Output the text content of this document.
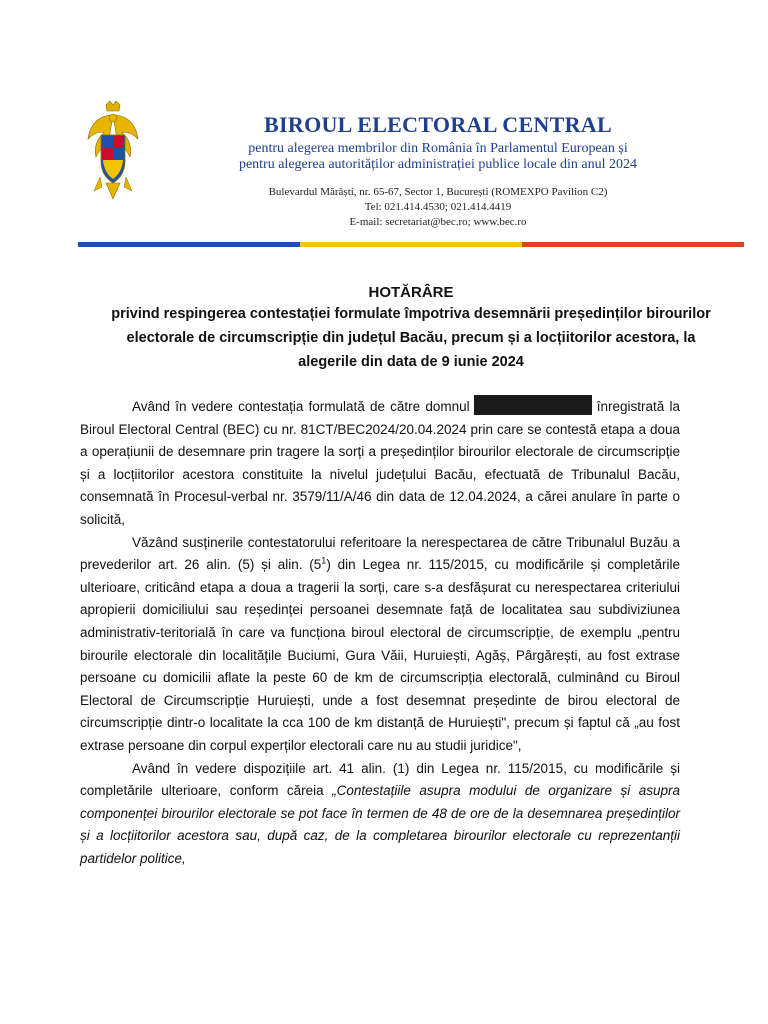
BIROUL ELECTORAL CENTRAL
pentru alegerea membrilor din România în Parlamentul European și
pentru alegerea autorităților administrației publice locale din anul 2024
Bulevardul Mărăști, nr. 65-67, Sector 1, București (ROMEXPO Pavilion C2)
Tel: 021.414.4530; 021.414.4419
E-mail: secretariat@bec.ro; www.bec.ro
HOTĂRÂRE
privind respingerea contestației formulate împotriva desemnării președinților birourilor electorale de circumscripție din județul Bacău, precum și a locțiitorilor acestora, la alegerile din data de 9 iunie 2024

Având în vedere contestația formulată de către domnul	înregistrată la Biroul Electoral Central (BEC) cu nr. 81CT/BEC2024/20.04.2024 prin care se contestă etapa a doua a operațiunii de desemnare prin tragere la sorți a președinților birourilor electorale de circumscripție și a locțiitorilor acestora constituite la nivelul județului Bacău, efectuată de Tribunalul Bacău, consemnată în Procesul-verbal nr. 3579/11/A/46 din data de 12.04.2024, a cărei anulare în parte o solicită,

Văzând susținerile contestatorului referitoare la nerespectarea de către Tribunalul Buzău a prevederilor art. 26 alin. (5) și alin. $(5^1)$ din Legea nr. 115/2015, cu modificările și completările ulterioare, criticând etapa a doua a tragerii la sorți, care s-a desfășurat cu nerespectarea criteriului apropierii domiciliului sau reședinței persoanei desemnate față de localitatea sau subdiviziunea administrativ-teritorială în care va funcționa biroul electoral de circumscripție, de exemplu „pentru birourile electorale din localitățile Buciumi, Gura Văii, Huruiești, Agăș, Pârgărești, au fost extrase persoane cu domicilii aflate la peste 60 de km de circumscripția electorală, culminând cu Biroul Electoral de Circumscripție Huruiești, unde a fost desemnat președinte de birou electoral de circumscripție dintr-o localitate la cca 100 de km distanță de Huruiești", precum și faptul că „au fost extrase persoane din corpul experților electorali care nu au studii juridice",

Având în vedere dispozițiile art. 41 alin. (1) din Legea nr. 115/2015, cu modificările și completările ulterioare, conform căreia „Contestațiile asupra modului de organizare și asupra componenței birourilor electorale se pot face în termen de 48 de ore de la desemnarea președinților și a locțiitorilor acestora sau, după caz, de la completarea birourilor electorale cu reprezentanții partidelor politice,
